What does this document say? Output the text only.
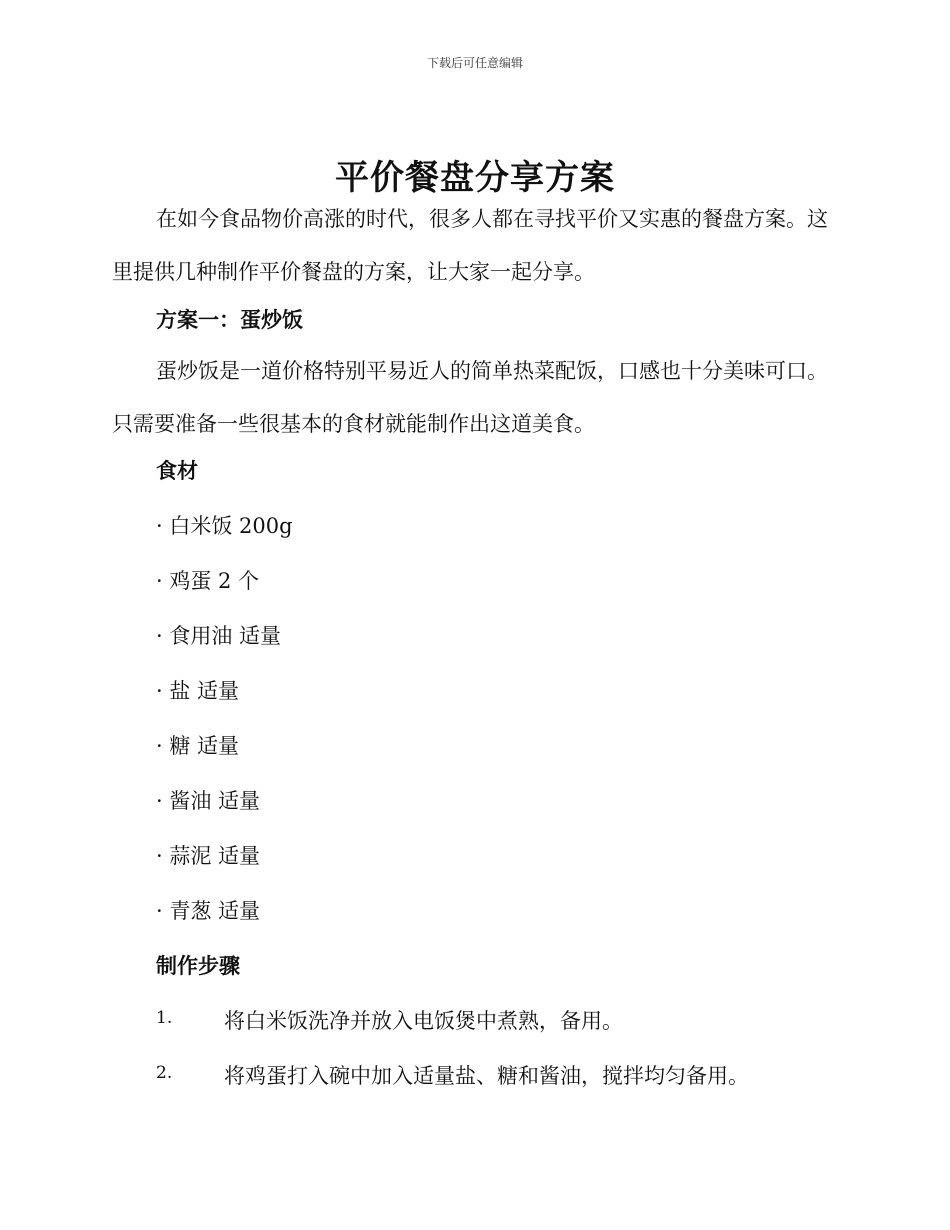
下载后可任意编辑
平价餐盘分享方案
在如今食品物价高涨的时代，很多人都在寻找平价又实惠的餐盘方案。这里提供几种制作平价餐盘的方案，让大家一起分享。
方案一：蛋炒饭
蛋炒饭是一道价格特别平易近人的简单热菜配饭，口感也十分美味可口。只需要准备一些很基本的食材就能制作出这道美食。
食材
· 白米饭 200g
· 鸡蛋 2 个
· 食用油 适量
· 盐 适量
· 糖 适量
· 酱油 适量
· 蒜泥 适量
· 青葱 适量
制作步骤
1. 将白米饭洗净并放入电饭煲中煮熟，备用。
2. 将鸡蛋打入碗中加入适量盐、糖和酱油，搅拌均匀备用。
